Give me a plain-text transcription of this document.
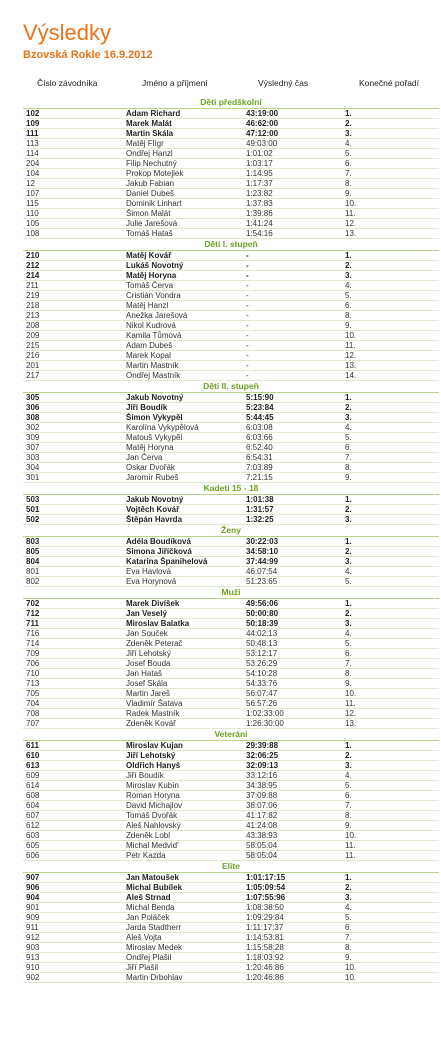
Výsledky
Bzovská Rokle 16.9.2012
Číslo závodníka	Jméno a příjmení	Výsledný čas	Konečné pořadí
Děti předškolní			
102	Adam Richard	43:19:00	1.
109	Marek Malát	46:62:00	2.
111	Martin Skála	47:12:00	3.
113	Matěj Flígr	49:03:00	4.
114	Ondřej Hanzl	1:01:02	5.
204	Filip Nechutný	1:03:17	6.
104	Prokop Motejlek	1:14:95	7.
12	Jakub Fabian	1:17:37	8.
107	Daniel Dubeš	1:23:82	9.
115	Dominik Linhart	1:37:83	10.
110	Šimon Malát	1:39:86	11.
105	Julie Jarešová	1:41:24	12.
108	Tomáš Hataš	1:54:16	13.
Děti I. stupeň			
210	Matěj Kovář	-	1.
212	Lukáš Novotný	-	2.
214	Matěj Horyna	-	3.
211	Tomáš Červa	-	4.
219	Cristián Vondra	-	5.
218	Matěj Hanzl	-	6.
213	Anežka Jarešová	-	8.
208	Nikol Kudrová	-	9.
209	Kamila Tůmová	-	10.
215	Adam Dubeš	-	11.
216	Marek Kopal	-	12.
201	Martin Mastník	-	13.
217	Ondřej Mastník	-	14.
Děti II. stupeň			
305	Jakub Novotný	5:15:90	1.
306	Jiří Boudík	5:23:84	2.
308	Šimon Vykypěl	5:44:45	3.
302	Karolína Vykypělová	6:03:08	4.
309	Matouš Vykypěl	6:03:66	5.
307	Matěj Horyna	6:52:40	6.
303	Jan Červa	6:54:31	7.
304	Oskar Dvořák	7:03:89	8.
301	Jaromír Rubeš	7:21:15	9.
Kadeti 15 - 18			
503	Jakub Novotný	1:01:38	1.
501	Vojtěch Kovář	1:31:57	2.
502	Štěpán Havrda	1:32:25	3.
Ženy			
803	Adéla Boudíková	30:22:03	1.
805	Simona Jiříčková	34:58:10	2.
804	Katarina Španihelová	37:44:99	3.
801	Eva Havlová	46:07:54	4.
802	Eva Horynová	51:23:65	5.
Muži			
702	Marek Divíšek	49:56:06	1.
712	Jan Veselý	50:00:80	2.
711	Miroslav Balatka	50:18:39	3.
716	Jan Souček	44:02:13	4.
714	Zdeněk Peterač	50:48:13	5.
709	Jiří Lehotský	53:12:17	6.
706	Josef Bouda	53:26:29	7.
710	Jan Hataš	54:10:28	8.
713	Josef Skála	54:33:76	9.
705	Martin Jareš	56:07:47	10.
704	Vladimír Šatava	56:57:26	11.
708	Radek Mastník	1:02:33:00	12.
707	Zdeněk Kovář	1:26:30:00	13.
Veteráni			
611	Miroslav Kujan	29:39:88	1.
610	Jiří Lehotský	32:06:25	2.
613	Oldřich Hanyš	32:09:13	3.
609	Jiří Boudík	33:12:16	4.
614	Miroslav Kubín	34:38:95	5.
608	Roman Horyna	37:09:88	6.
604	David Michajlov	38:07:06	7.
607	Tomáš Dvořák	41:17:82	8.
612	Aleš Nahlovský	41:24:08	9.
603	Zdeněk Lobl	43:38:93	10.
605	Michal Medvid'	58:05:04	11.
606	Petr Kazda	58:05:04	11.
Elite			
907	Jan Matoušek	1:01:17:15	1.
906	Michal Bubílek	1:05:09:54	2.
904	Aleš Strnad	1:07:55:96	3.
901	Michal Benda	1:08:38:50	4.
909	Jan Poláček	1:09:29:84	5.
911	Jarda Stadtherr	1:11:17:37	6.
912	Aleš Vojta	1:14:53:81	7.
903	Miroslav Medek	1:15:58:28	8.
913	Ondřej Plašil	1:18:03:92	9.
910	Jiří Plašil	1:20:46:86	10.
902	Martin Drbohlav	1:20:46:86	10.
